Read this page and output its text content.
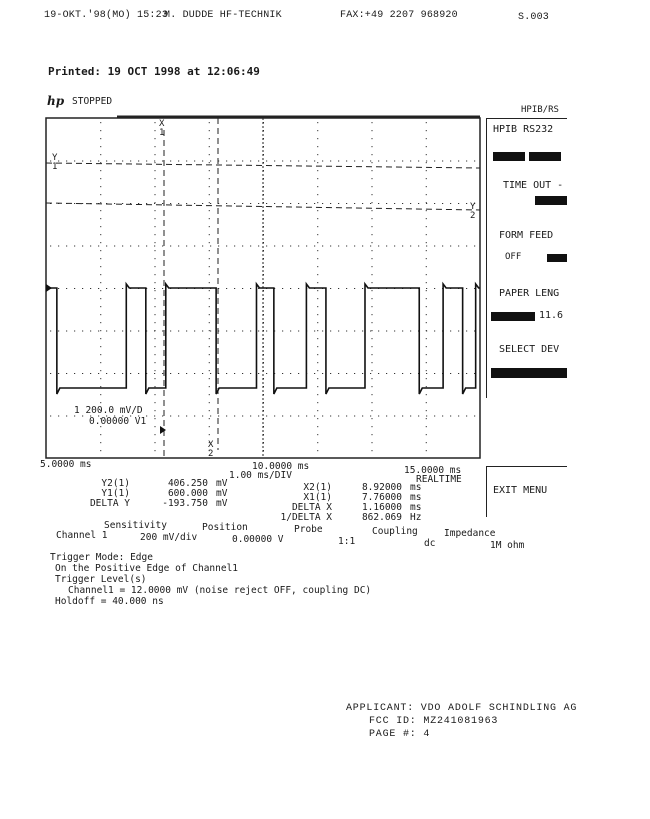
19-OKT.'98(MO) 15:23
M. DUDDE HF-TECHNIK	FAX:+49 2207 968920	S.003
Printed: 19 OCT 1998 at 12:06:49
hp STOPPED
HPIB/RS
Y
1
Y
2
X
1
X
2
1 200.0 mV/D
0.00000 V1
HPIB RS232
TIME OUT -
FORM FEED
OFF
PAPER LENG
11.6
SELECT DEV
EXIT MENU
5.0000 ms	10.0000 ms	15.0000 ms
1.00 ms/DIV	REALTIME
Y2(1)	406.250 mV
Y1(1)	600.000 mV
DELTA Y	-193.750 mV
X2(1)	8.92000 ms
X1(1)	7.76000 ms
DELTA X	1.16000 ms
1/DELTA X	862.069 Hz
Sensitivity	Position	Probe	Coupling	Impedance
Channel 1	200 mV/div	0.00000 V	1:1	dc	1M ohm
Trigger Mode: Edge
On the Positive Edge of Channel1
Trigger Level(s)
Channel1 = 12.0000 mV (noise reject OFF, coupling DC)
Holdoff = 40.000 ns
APPLICANT: VDO ADOLF SCHINDLING AG
FCC ID: MZ241081963
PAGE #: 4
